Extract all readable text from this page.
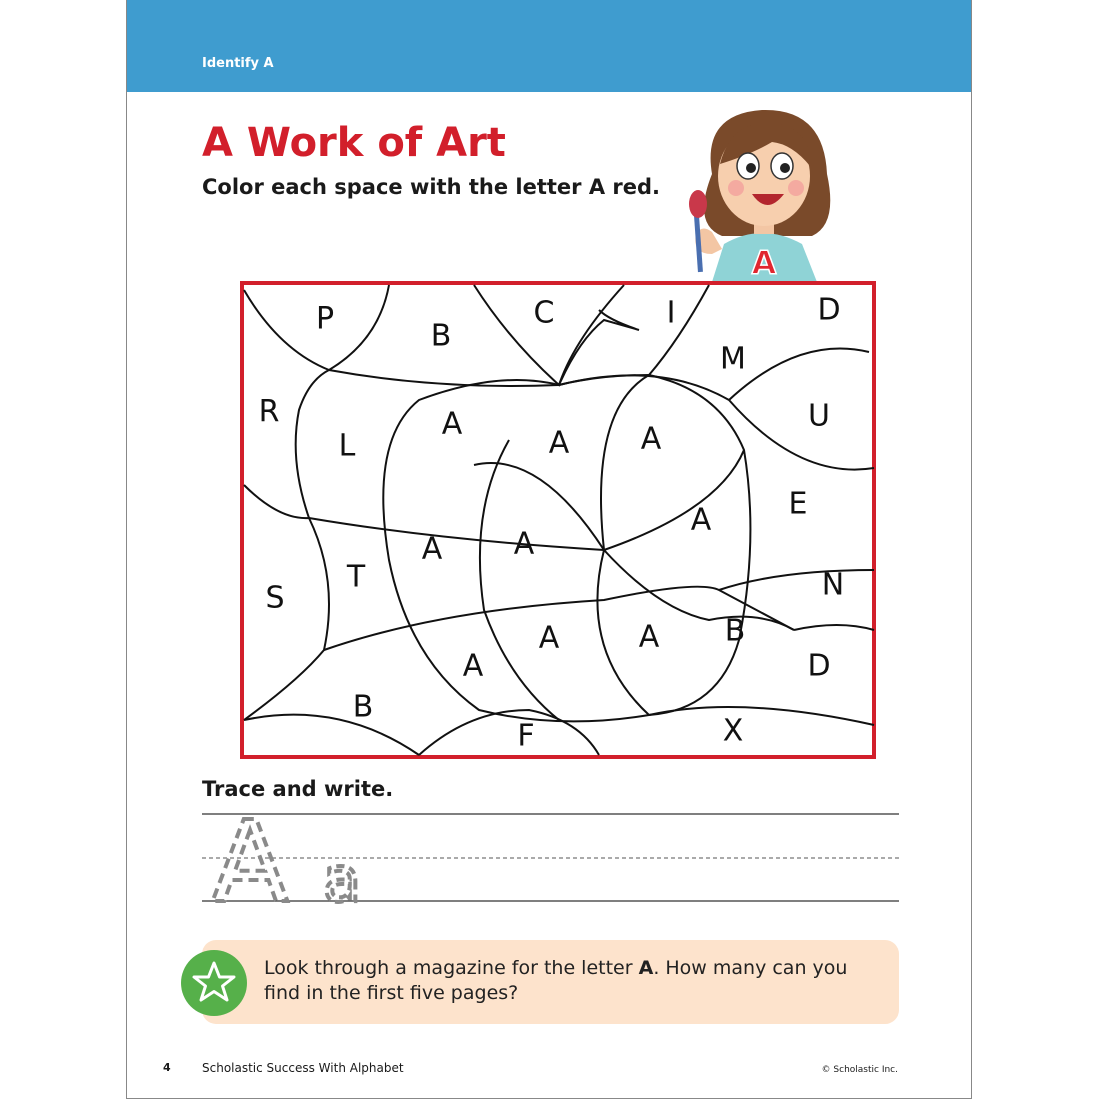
Identify A
A Work of Art
Color each space with the letter A red.
A
P	B
C	I	D
M
R
L
A
A A
U
A	E
A A
T
S	N
A	A B
A	D
B
F	X
Trace and write.
A a
Look through a magazine for the letter A. How many can you find in the first five pages?
4	Scholastic Success With Alphabet	© Scholastic Inc.
